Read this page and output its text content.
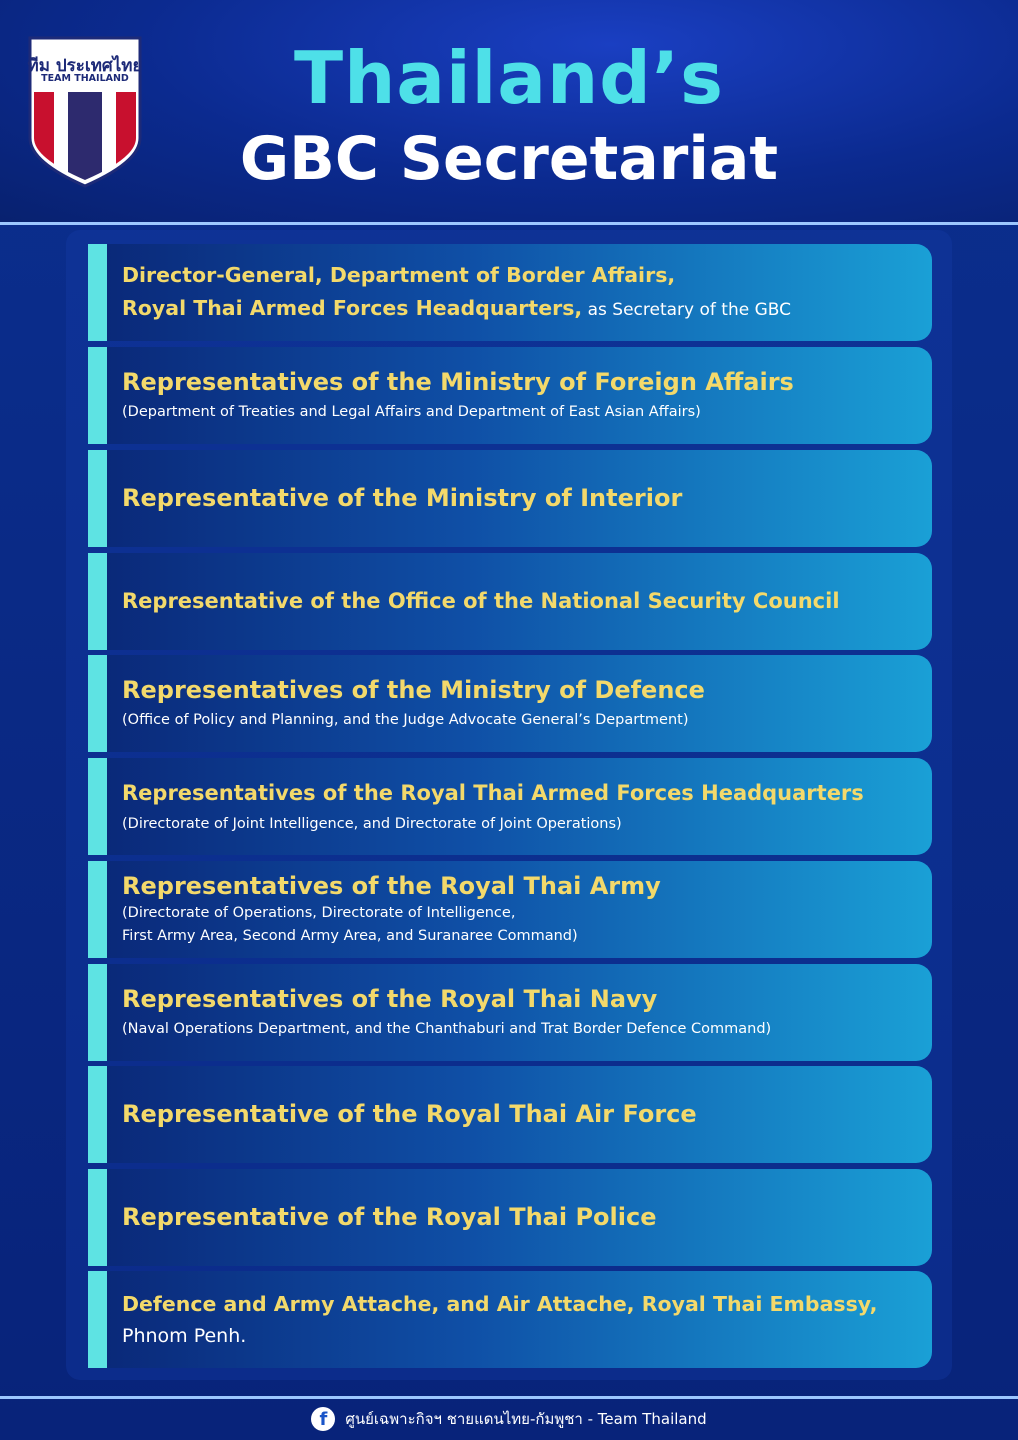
ทีม ประเทศไทย
TEAM THAILAND	Thailand’s
GBC Secretariat
Director-General, Department of Border Affairs,
Royal Thai Armed Forces Headquarters, as Secretary of the GBC
Representatives of the Ministry of Foreign Affairs
(Department of Treaties and Legal Affairs and Department of East Asian Affairs)
Representative of the Ministry of Interior
Representative of the Office of the National Security Council
Representatives of the Ministry of Defence
(Office of Policy and Planning, and the Judge Advocate General’s Department)
Representatives of the Royal Thai Armed Forces Headquarters
(Directorate of Joint Intelligence, and Directorate of Joint Operations)
Representatives of the Royal Thai Army
(Directorate of Operations, Directorate of Intelligence,
First Army Area, Second Army Area, and Suranaree Command)
Representatives of the Royal Thai Navy
(Naval Operations Department, and the Chanthaburi and Trat Border Defence Command)
Representative of the Royal Thai Air Force
Representative of the Royal Thai Police
Defence and Army Attache, and Air Attache, Royal Thai Embassy,
Phnom Penh.
f	ศูนย์เฉพาะกิจฯ ชายแดนไทย-กัมพูชา - Team Thailand
